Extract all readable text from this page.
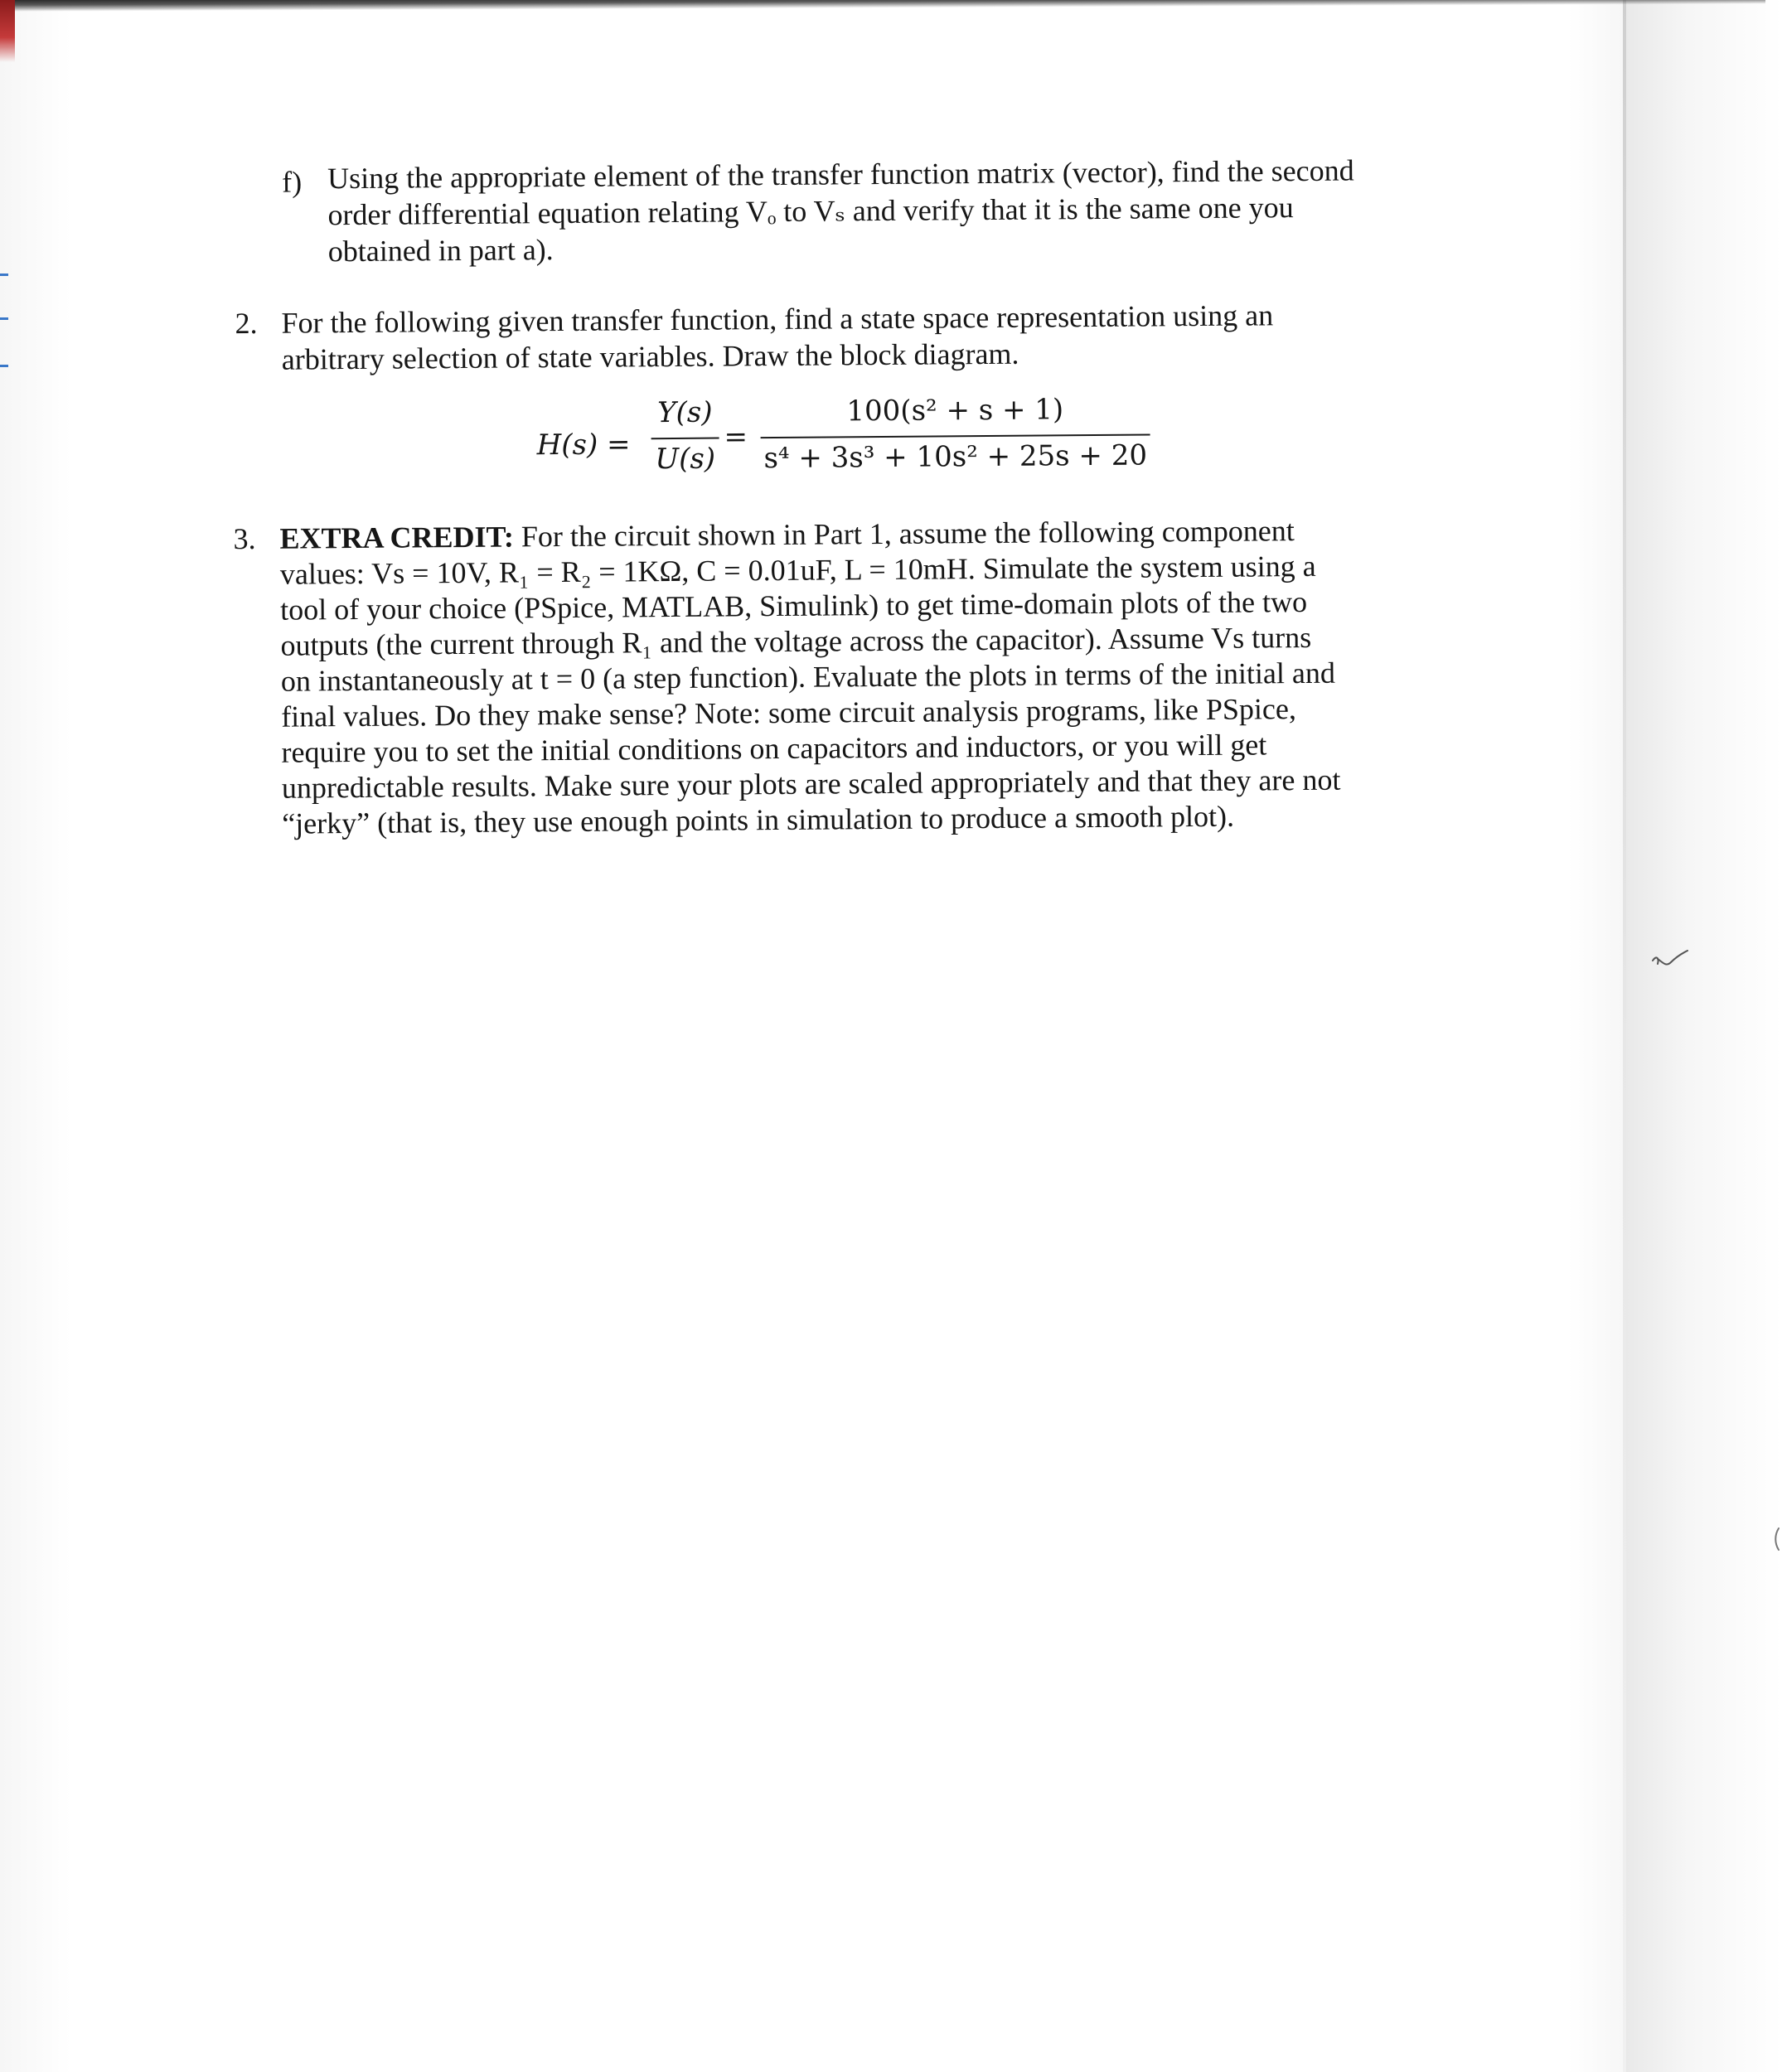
f) Using the appropriate element of the transfer function matrix (vector), find the second
order differential equation relating Vₒ to Vₛ and verify that it is the same one you
obtained in part a).
2. For the following given transfer function, find a state space representation using an
arbitrary selection of state variables. Draw the block diagram.
H(s) =
Y(s)
U(s)
=
100(s² + s + 1)
s⁴ + 3s³ + 10s² + 25s + 20
3. EXTRA CREDIT: For the circuit shown in Part 1, assume the following component
values: Vs = 10V, R₁ = R₂ = 1KΩ, C = 0.01uF, L = 10mH. Simulate the system using a
tool of your choice (PSpice, MATLAB, Simulink) to get time-domain plots of the two
outputs (the current through R₁ and the voltage across the capacitor). Assume Vs turns
on instantaneously at t = 0 (a step function). Evaluate the plots in terms of the initial and
final values. Do they make sense? Note: some circuit analysis programs, like PSpice,
require you to set the initial conditions on capacitors and inductors, or you will get
unpredictable results. Make sure your plots are scaled appropriately and that they are not
“jerky” (that is, they use enough points in simulation to produce a smooth plot).
